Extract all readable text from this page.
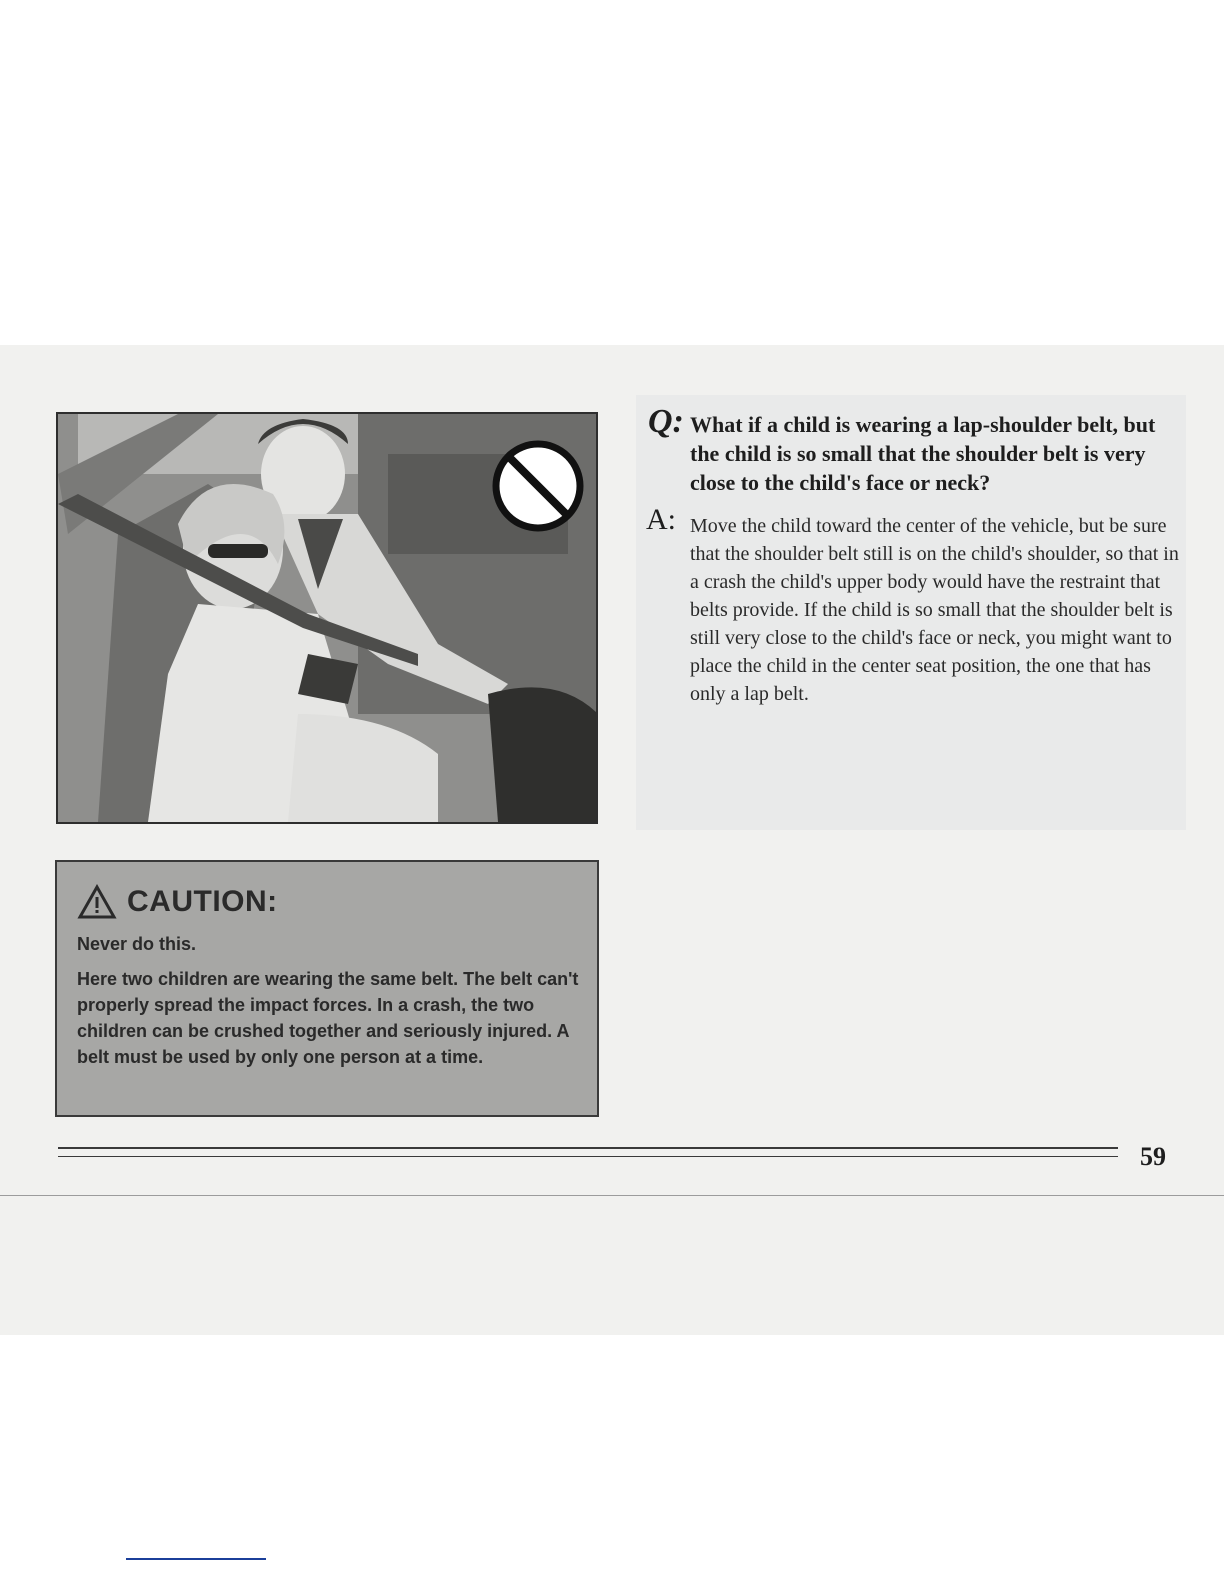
CAUTION:
Never do this.
Here two children are wearing the same belt. The belt can't properly spread the impact forces. In a crash, the two children can be crushed together and seriously injured. A belt must be used by only one person at a time.
Q: What if a child is wearing a lap-shoulder belt, but the child is so small that the shoulder belt is very close to the child's face or neck?
A: Move the child toward the center of the vehicle, but be sure that the shoulder belt still is on the child's shoulder, so that in a crash the child's upper body would have the restraint that belts provide. If the child is so small that the shoulder belt is still very close to the child's face or neck, you might want to place the child in the center seat position, the one that has only a lap belt.
59
